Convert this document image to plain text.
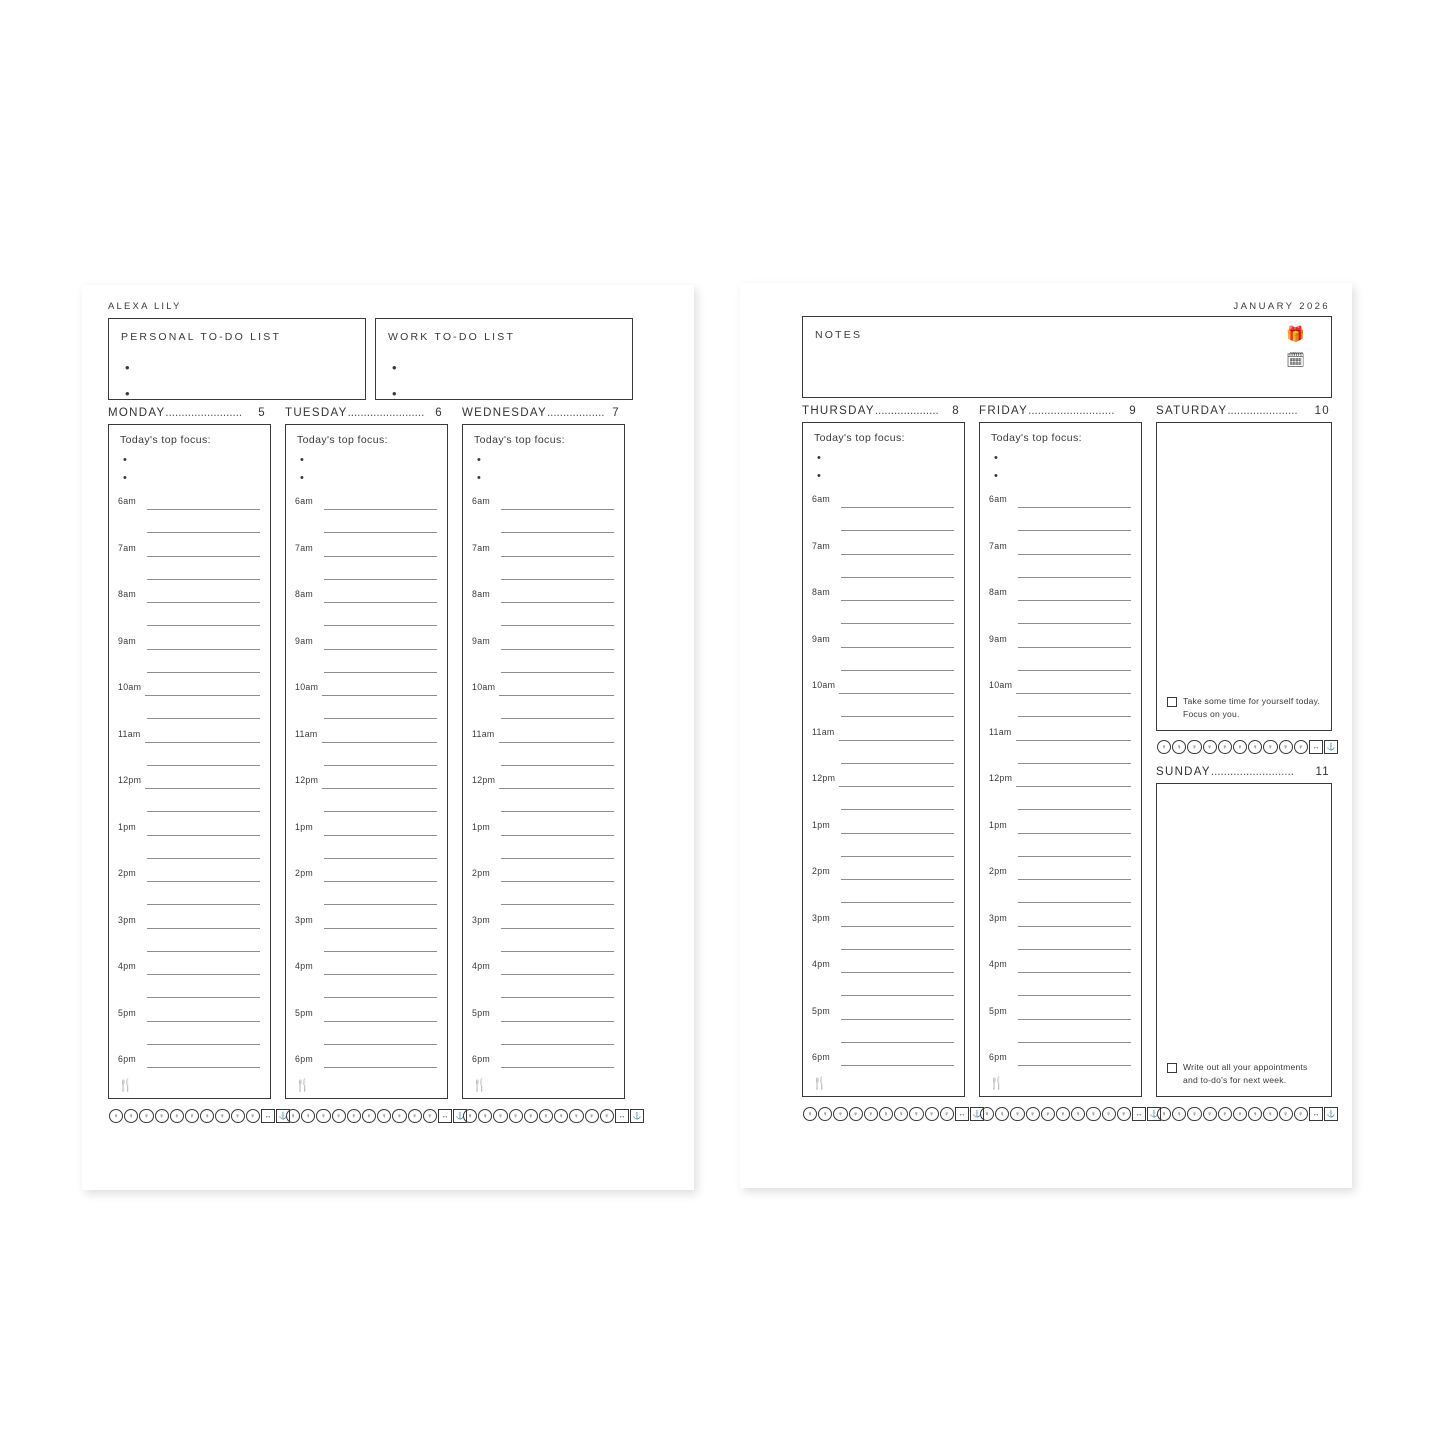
ALEXA LILY
PERSONAL TO-DO LIST
•
•
WORK TO-DO LIST
•
•
MONDAY........................ 5 TUESDAY........................ 6 WEDNESDAY.................. 7
Today's top focus:
•
•
6am
7am
8am
9am
10am
11am
12pm
1pm
2pm
3pm
4pm
5pm
6pm
🍴
Today's top focus:
•
•
6am
7am
8am
9am
10am
11am
12pm
1pm
2pm
3pm
4pm
5pm
6pm
🍴
Today's top focus:
•
•
6am
7am
8am
9am
10am
11am
12pm
1pm
2pm
3pm
4pm
5pm
6pm
🍴
♀	♀	♀	♀	♀	♀	♀	♀	♀	♀	↔	⚓ ♀	♀	♀	♀	♀	♀	♀	♀	♀	♀	↔	⚓ ♀	♀	♀	♀	♀	♀	♀	♀	♀	♀	↔	⚓
JANUARY 2026
NOTES	🎁
🗓
THURSDAY.................... 8 FRIDAY........................... 9 SATURDAY...................... 10
Today's top focus:
•
•
6am
7am
8am
9am
10am
11am
12pm
1pm
2pm
3pm
4pm
5pm
6pm
🍴
Today's top focus:
•
•
6am
7am
8am
9am
10am
11am
12pm
1pm
2pm
3pm
4pm
5pm
6pm
🍴
Take some time for yourself today. Focus on you.
♀	♀	♀	♀	♀	♀	♀	♀	♀	♀	↔	⚓
SUNDAY.......................... 11
Write out all your appointments and to-do's for next week.
♀	♀	♀	♀	♀	♀	♀	♀	♀	♀	↔	⚓ ♀	♀	♀	♀	♀	♀	♀	♀	♀	♀	↔	⚓ ♀	♀	♀	♀	♀	♀	♀	♀	♀	♀	↔	⚓
